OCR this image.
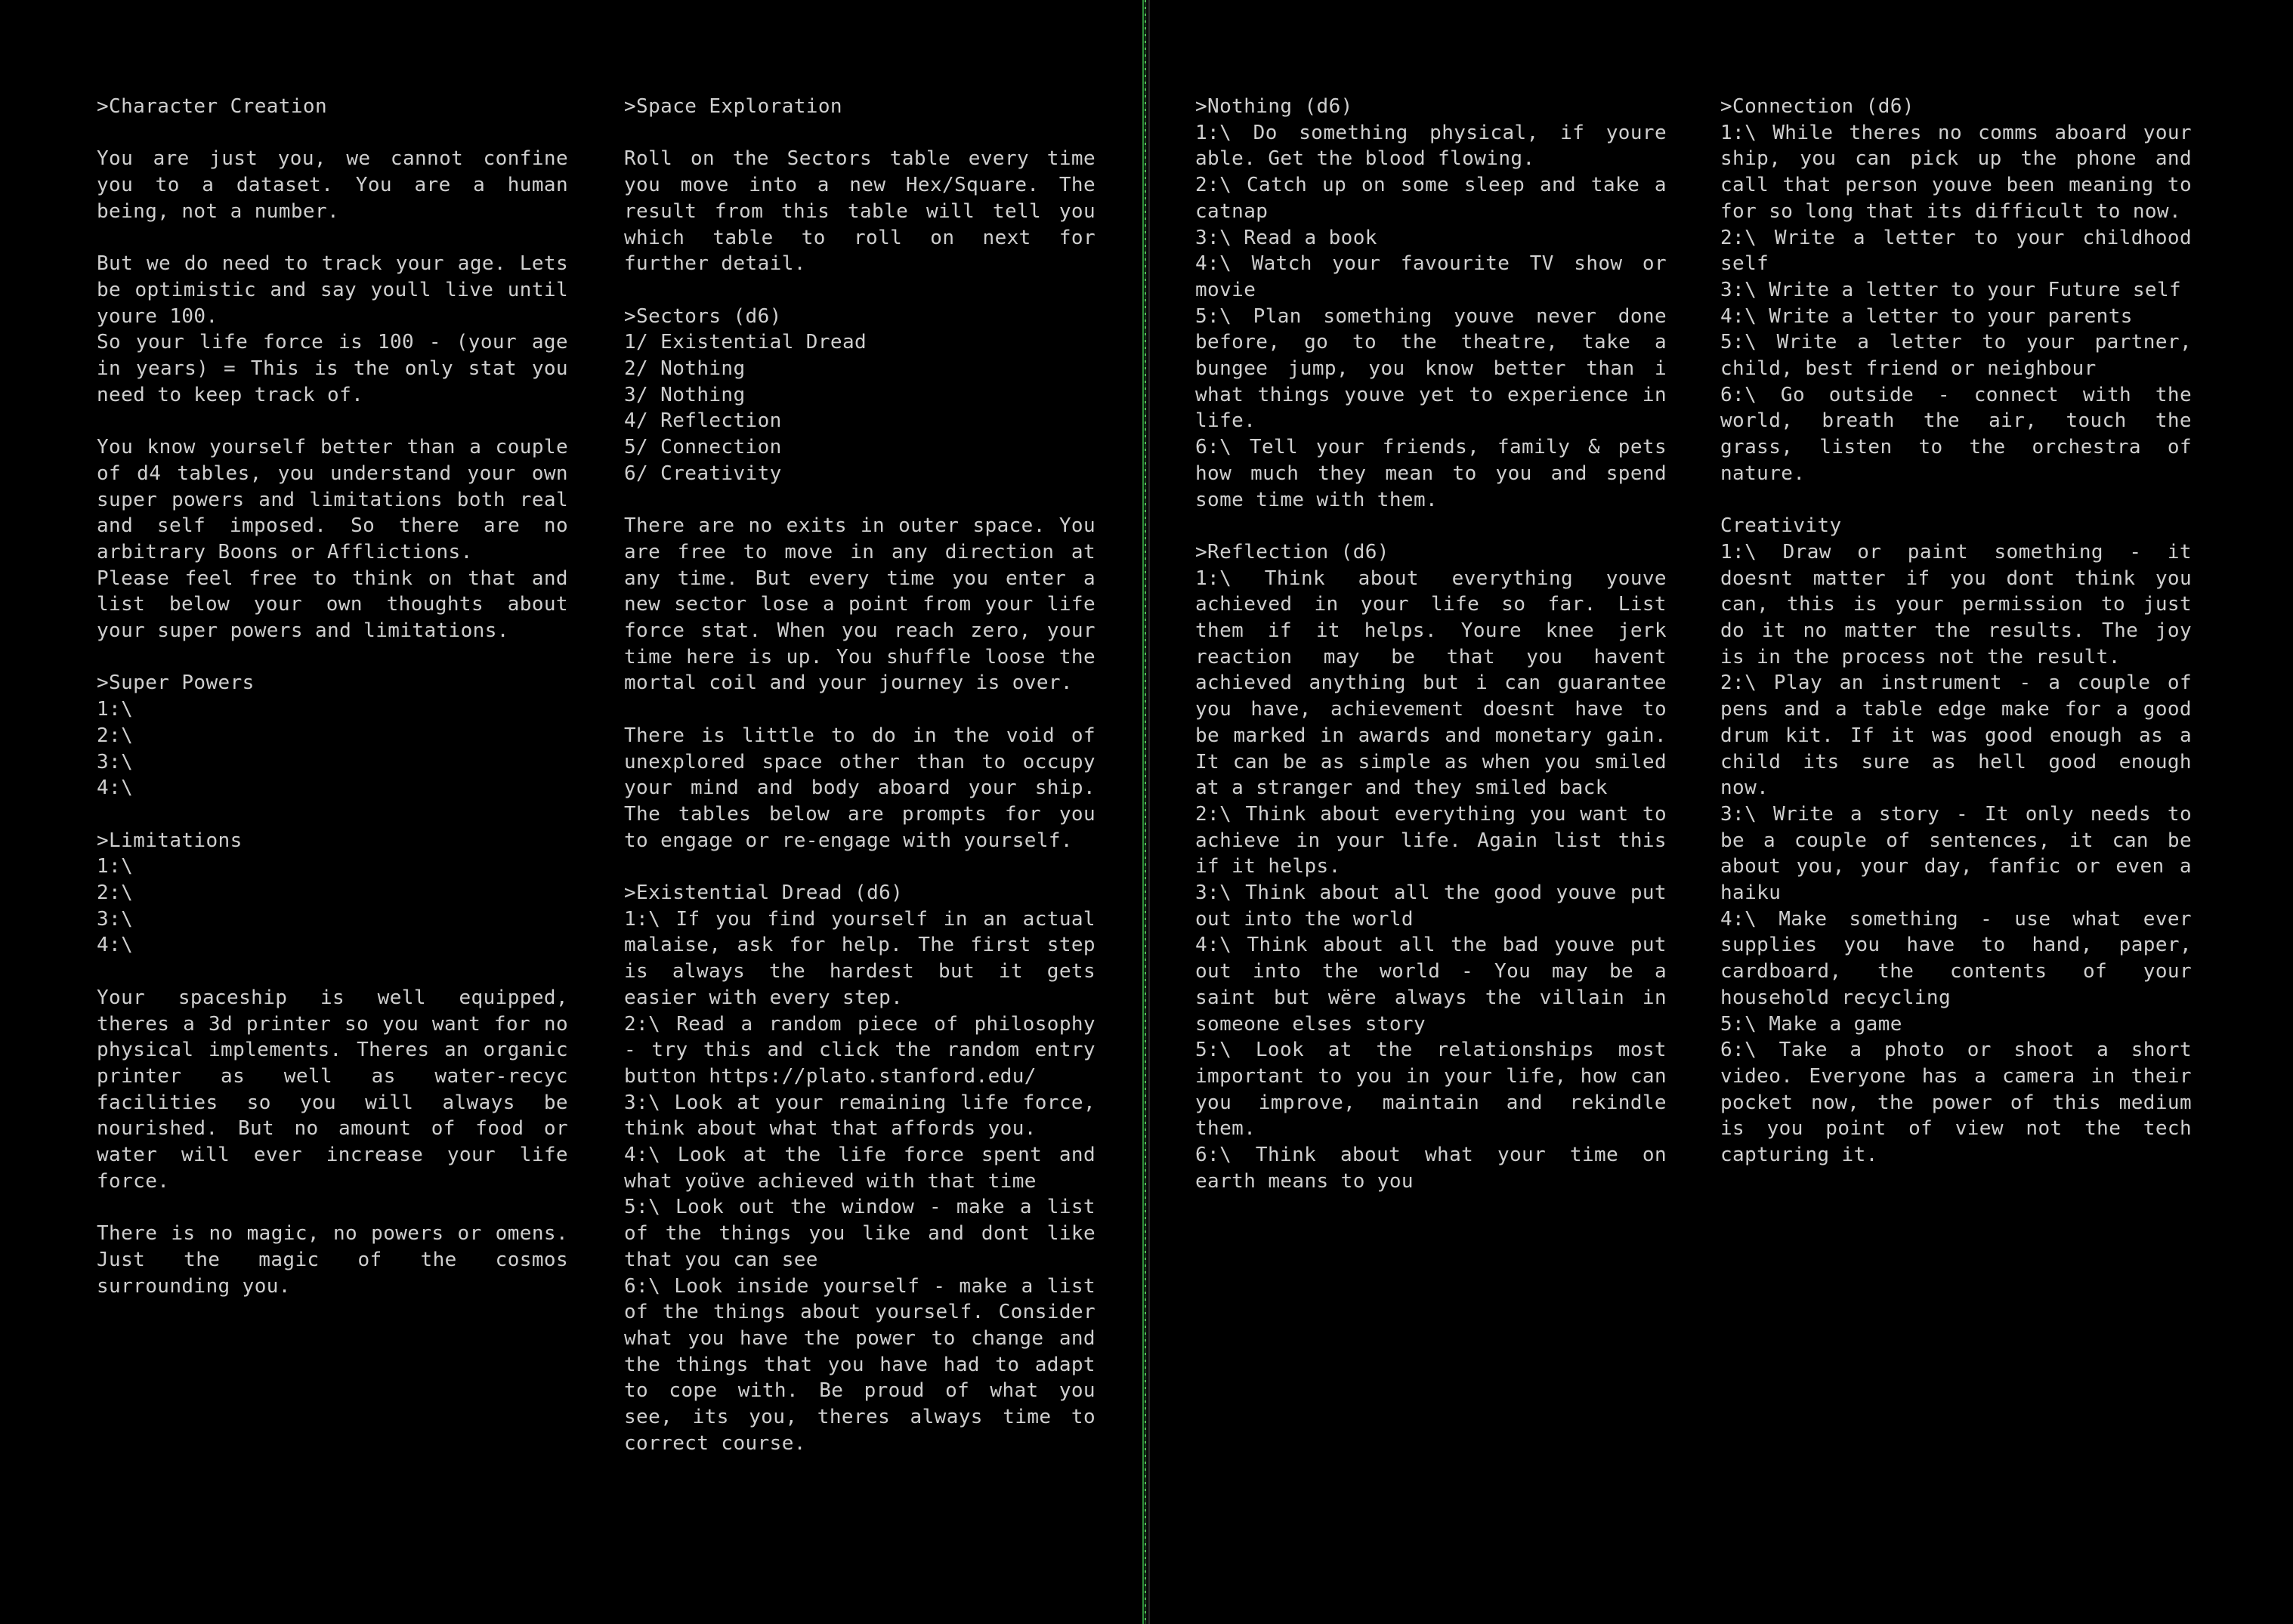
>Character Creation

You are just you, we cannot confine you to a dataset. You are a human being, not a number.

But we do need to track your age. Lets be optimistic and say youll live until youre 100.

So your life force is 100 - (your age in years) = This is the only stat you need to keep track of.

You know yourself better than a couple of d4 tables, you understand your own super powers and limitations both real and self imposed. So there are no arbitrary Boons or Afflictions.

Please feel free to think on that and list below your own thoughts about your super powers and limitations.

>Super Powers

1:\

2:\

3:\

4:\

>Limitations

1:\

2:\

3:\

4:\

Your spaceship is well equipped, theres a 3d printer so you want for no physical implements. Theres an organic printer as well as water-recyc facilities so you will always be nourished. But no amount of food or water will ever increase your life force.

There is no magic, no powers or omens. Just the magic of the cosmos surrounding you.

>Space Exploration

Roll on the Sectors table every time you move into a new Hex/Square. The result from this table will tell you which table to roll on next for further detail.

>Sectors (d6)

1/ Existential Dread

2/ Nothing

3/ Nothing

4/ Reflection

5/ Connection

6/ Creativity

There are no exits in outer space. You are free to move in any direction at any time. But every time you enter a new sector lose a point from your life force stat. When you reach zero, your time here is up. You shuffle loose the mortal coil and your journey is over.

There is little to do in the void of unexplored space other than to occupy your mind and body aboard your ship. The tables below are prompts for you to engage or re-engage with yourself.

>Existential Dread (d6)

1:\ If you find yourself in an actual malaise, ask for help. The first step is always the hardest but it gets easier with every step.

2:\ Read a random piece of philosophy - try this and click the random entry button https://plato.stanford.edu/

3:\ Look at your remaining life force, think about what that affords you.

4:\ Look at the life force spent and what yoüve achieved with that time

5:\ Look out the window - make a list of the things you like and dont like that you can see

6:\ Look inside yourself - make a list of the things about yourself. Consider what you have the power to change and the things that you have had to adapt to cope with. Be proud of what you see, its you, theres always time to correct course.

>Nothing (d6)

1:\ Do something physical, if youre able. Get the blood flowing.

2:\ Catch up on some sleep and take a catnap

3:\ Read a book

4:\ Watch your favourite TV show or movie

5:\ Plan something youve never done before, go to the theatre, take a bungee jump, you know better than i what things youve yet to experience in life.

6:\ Tell your friends, family & pets how much they mean to you and spend some time with them.

>Reflection (d6)

1:\ Think about everything youve achieved in your life so far. List them if it helps. Youre knee jerk reaction may be that you havent achieved anything but i can guarantee you have, achievement doesnt have to be marked in awards and monetary gain. It can be as simple as when you smiled at a stranger and they smiled back

2:\ Think about everything you want to achieve in your life. Again list this if it helps.

3:\ Think about all the good youve put out into the world

4:\ Think about all the bad youve put out into the world - You may be a saint but wëre always the villain in someone elses story

5:\ Look at the relationships most important to you in your life, how can you improve, maintain and rekindle them.

6:\ Think about what your time on earth means to you

>Connection (d6)

1:\ While theres no comms aboard your ship, you can pick up the phone and call that person youve been meaning to for so long that its difficult to now.

2:\ Write a letter to your childhood self

3:\ Write a letter to your Future self

4:\ Write a letter to your parents

5:\ Write a letter to your partner, child, best friend or neighbour

6:\ Go outside - connect with the world, breath the air, touch the grass, listen to the orchestra of nature.

Creativity

1:\ Draw or paint something - it doesnt matter if you dont think you can, this is your permission to just do it no matter the results. The joy is in the process not the result.

2:\ Play an instrument - a couple of pens and a table edge make for a good drum kit. If it was good enough as a child its sure as hell good enough now.

3:\ Write a story - It only needs to be a couple of sentences, it can be about you, your day, fanfic or even a haiku

4:\ Make something - use what ever supplies you have to hand, paper, cardboard, the contents of your household recycling

5:\ Make a game

6:\ Take a photo or shoot a short video. Everyone has a camera in their pocket now, the power of this medium is you point of view not the tech capturing it.
